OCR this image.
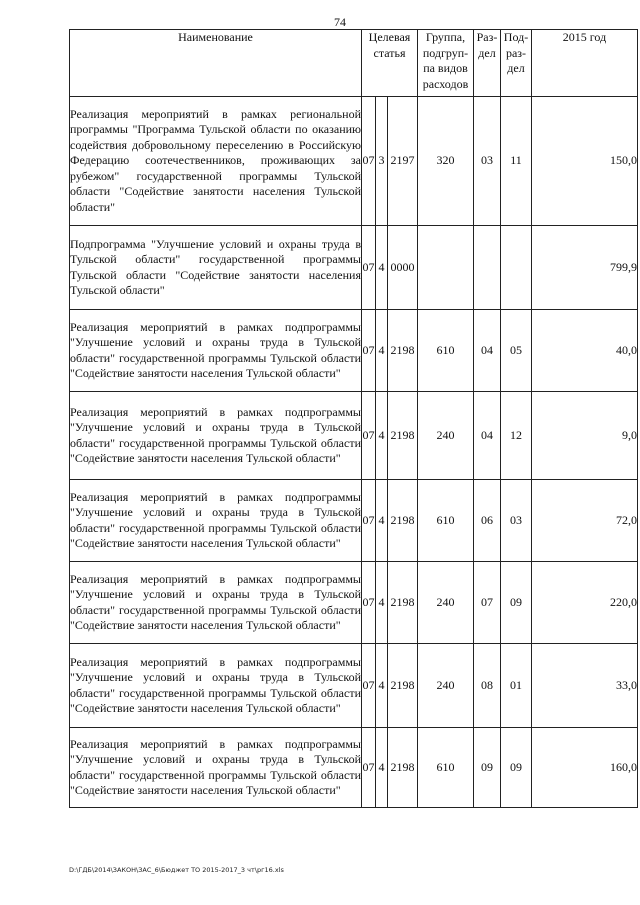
74
Наименование	Целевая статья			Группа, подгруп-па видов расходов	Раз-дел	Под-раз-дел	2015 год
Реализация мероприятий в рамках региональной программы "Программа Тульской области по оказанию содействия добровольному переселению в Российскую Федерацию соотечественников, проживающих за рубежом" государственной программы Тульской области "Содействие занятости населения Тульской области"	07	3	2197	320	03	11	150,0
Подпрограмма "Улучшение условий и охраны труда в Тульской области" государственной программы Тульской области "Содействие занятости населения Тульской области"	07	4	0000				799,9
Реализация мероприятий в рамках подпрограммы "Улучшение условий и охраны труда в Тульской области" государственной программы Тульской области "Содействие занятости населения Тульской области"	07	4	2198	610	04	05	40,0
Реализация мероприятий в рамках подпрограммы "Улучшение условий и охраны труда в Тульской области" государственной программы Тульской области "Содействие занятости населения Тульской области"	07	4	2198	240	04	12	9,0
Реализация мероприятий в рамках подпрограммы "Улучшение условий и охраны труда в Тульской области" государственной программы Тульской области "Содействие занятости населения Тульской области"	07	4	2198	610	06	03	72,0
Реализация мероприятий в рамках подпрограммы "Улучшение условий и охраны труда в Тульской области" государственной программы Тульской области "Содействие занятости населения Тульской области"	07	4	2198	240	07	09	220,0
Реализация мероприятий в рамках подпрограммы "Улучшение условий и охраны труда в Тульской области" государственной программы Тульской области "Содействие занятости населения Тульской области"	07	4	2198	240	08	01	33,0
Реализация мероприятий в рамках подпрограммы "Улучшение условий и охраны труда в Тульской области" государственной программы Тульской области "Содействие занятости населения Тульской области"	07	4	2198	610	09	09	160,0
D:\ГДБ\2014\ЗАКОН\ЗАС_6\Бюджет ТО 2015-2017_3 чт\рг16.xls
